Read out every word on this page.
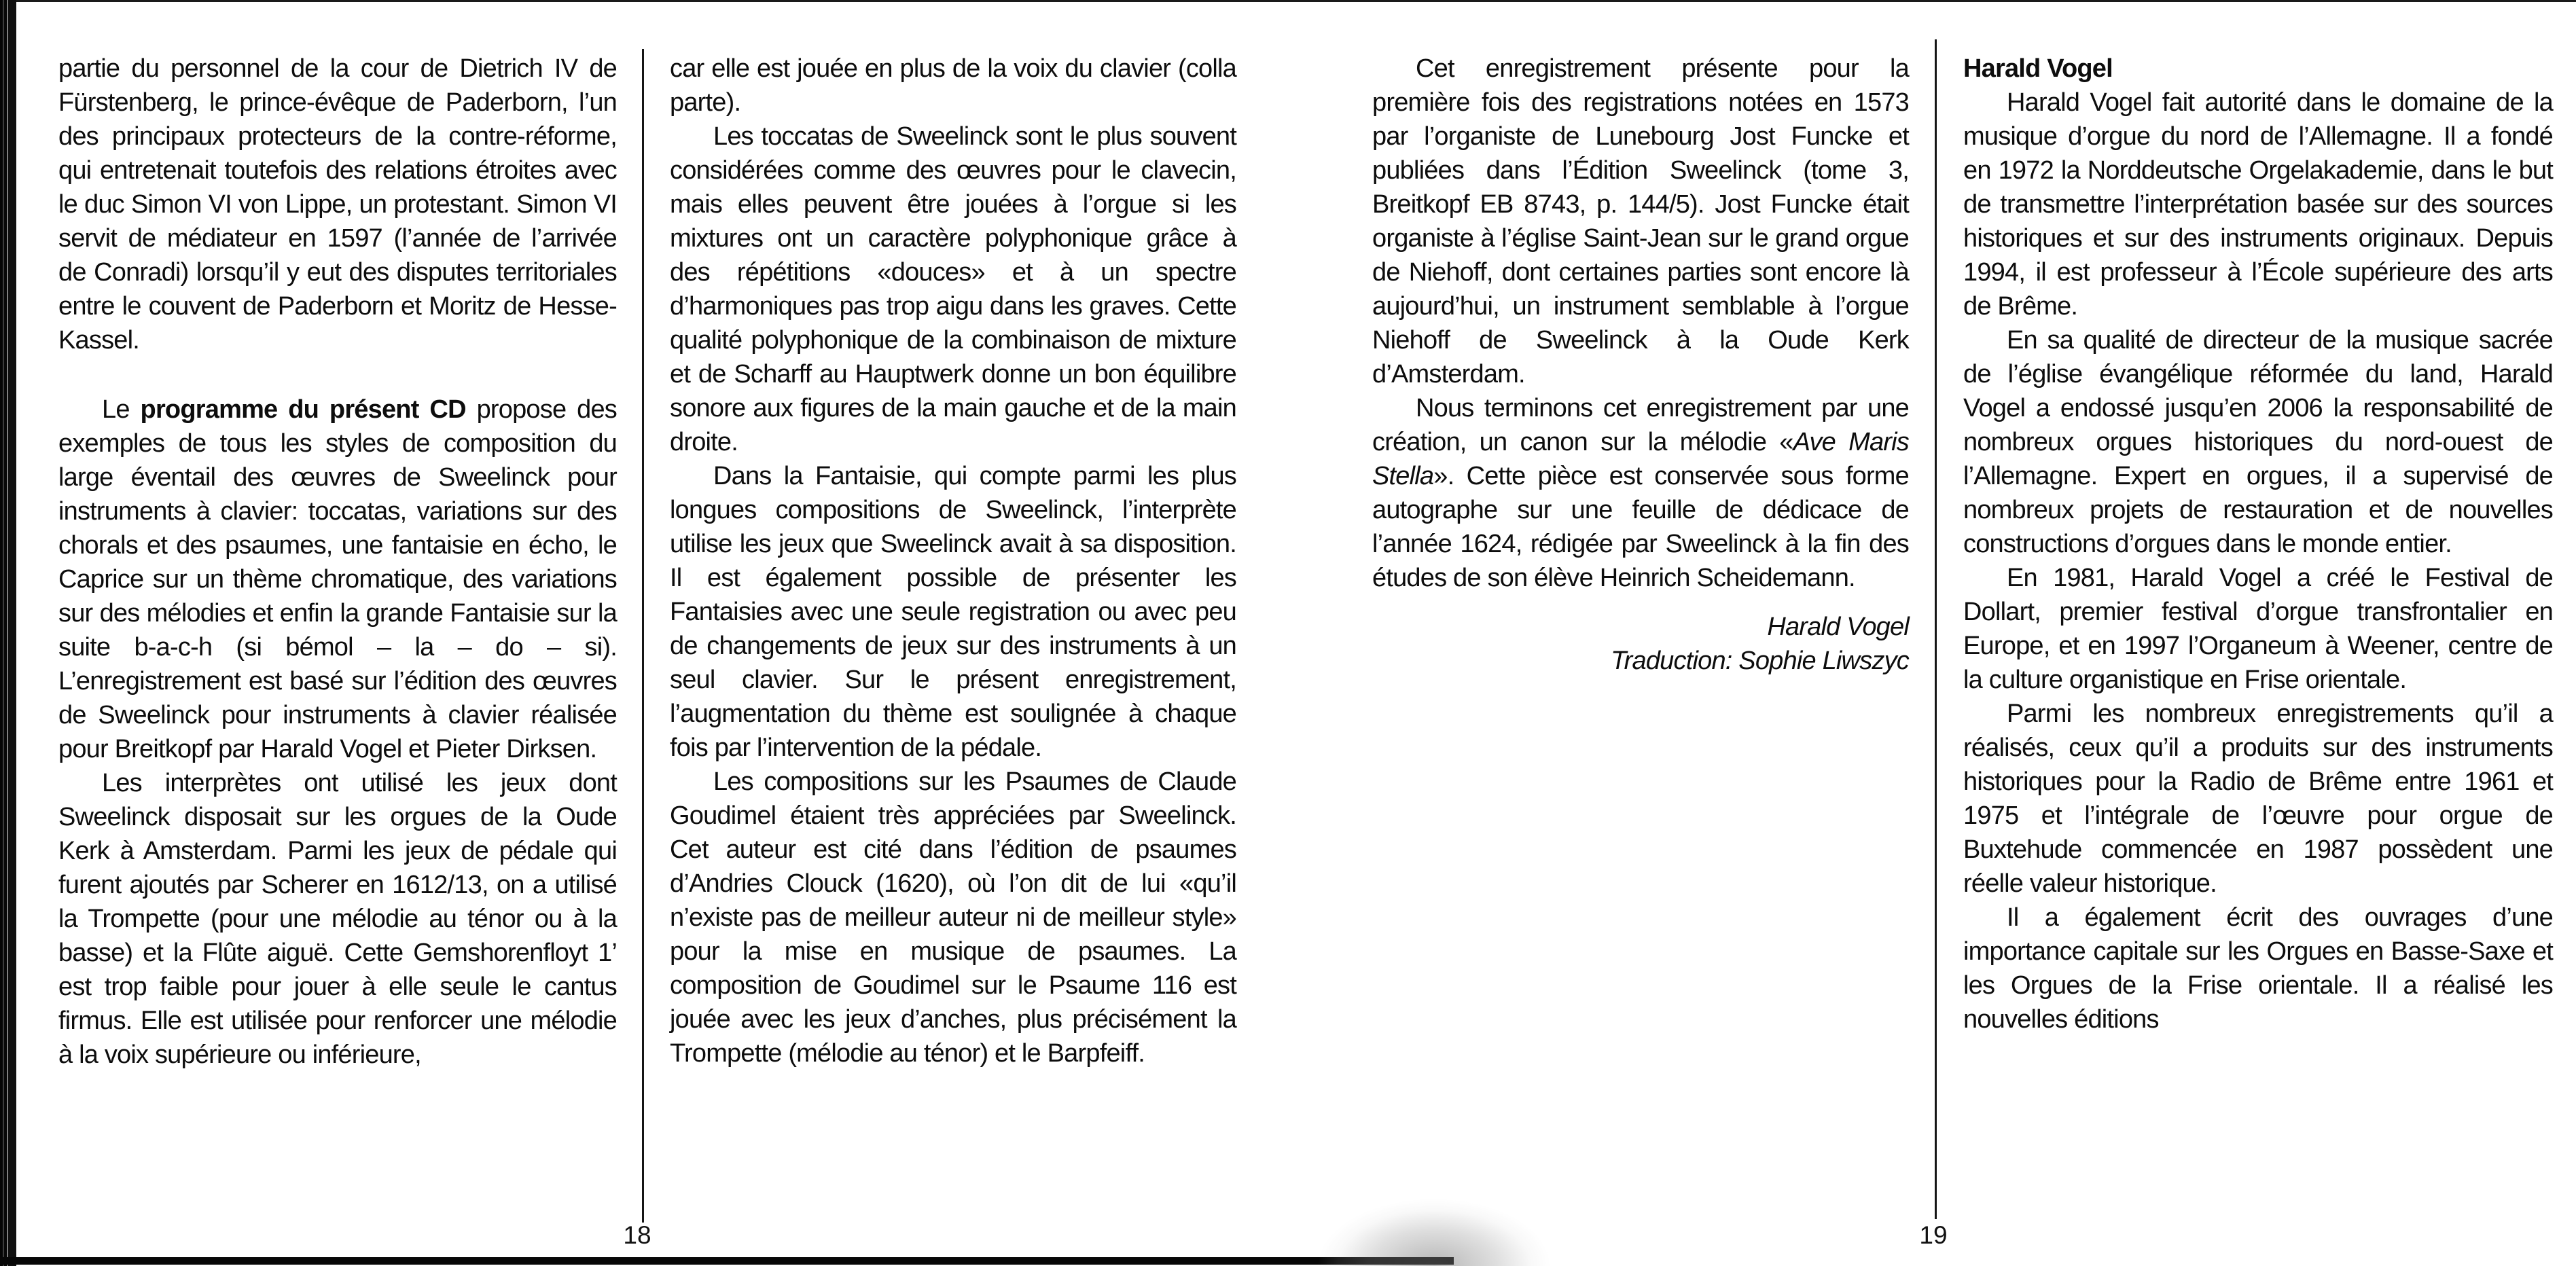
partie du personnel de la cour de Dietrich IV de Fürstenberg, le prince-évêque de Paderborn, l’un des principaux protecteurs de la contre-réforme, qui entretenait toutefois des relations étroites avec le duc Simon VI von Lippe, un protestant. Simon VI servit de médiateur en 1597 (l’année de l’arrivée de Conradi) lorsqu’il y eut des disputes territoriales entre le couvent de Paderborn et Moritz de Hesse-Kassel.

Le programme du présent CD propose des exemples de tous les styles de composition du large éventail des œuvres de Sweelinck pour instruments à clavier: toccatas, variations sur des chorals et des psaumes, une fantaisie en écho, le Caprice sur un thème chromatique, des variations sur des mélodies et enfin la grande Fantaisie sur la suite b-a-c-h (si bémol – la – do – si). L’enregistrement est basé sur l’édition des œuvres de Sweelinck pour instruments à clavier réalisée pour Breitkopf par Harald Vogel et Pieter Dirksen.

Les interprètes ont utilisé les jeux dont Sweelinck disposait sur les orgues de la Oude Kerk à Amsterdam. Parmi les jeux de pédale qui furent ajoutés par Scherer en 1612/13, on a utilisé la Trompette (pour une mélodie au ténor ou à la basse) et la Flûte aiguë. Cette Gemshorenfloyt 1’ est trop faible pour jouer à elle seule le cantus firmus. Elle est utilisée pour renforcer une mélodie à la voix supérieure ou inférieure,

car elle est jouée en plus de la voix du clavier (colla parte).

Les toccatas de Sweelinck sont le plus souvent considérées comme des œuvres pour le clavecin, mais elles peuvent être jouées à l’orgue si les mixtures ont un caractère polyphonique grâce à des répétitions «douces» et à un spectre d’harmoniques pas trop aigu dans les graves. Cette qualité polyphonique de la combinaison de mixture et de Scharff au Hauptwerk donne un bon équilibre sonore aux figures de la main gauche et de la main droite.

Dans la Fantaisie, qui compte parmi les plus longues compositions de Sweelinck, l’interprète utilise les jeux que Sweelinck avait à sa disposition. Il est également possible de présenter les Fantaisies avec une seule registration ou avec peu de changements de jeux sur des instruments à un seul clavier. Sur le présent enregistrement, l’augmentation du thème est soulignée à chaque fois par l’intervention de la pédale.

Les compositions sur les Psaumes de Claude Goudimel étaient très appréciées par Sweelinck. Cet auteur est cité dans l’édition de psaumes d’Andries Clouck (1620), où l’on dit de lui «qu’il n’existe pas de meilleur auteur ni de meilleur style» pour la mise en musique de psaumes. La composition de Goudimel sur le Psaume 116 est jouée avec les jeux d’anches, plus précisément la Trompette (mélodie au ténor) et le Barpfeiff.

18

Cet enregistrement présente pour la première fois des registrations notées en 1573 par l’organiste de Lunebourg Jost Funcke et publiées dans l’Édition Sweelinck (tome 3, Breitkopf EB 8743, p. 144/5). Jost Funcke était organiste à l’église Saint-Jean sur le grand orgue de Niehoff, dont certaines parties sont encore là aujourd’hui, un instrument semblable à l’orgue Niehoff de Sweelinck à la Oude Kerk d’Amsterdam.

Nous terminons cet enregistrement par une création, un canon sur la mélodie «Ave Maris Stella». Cette pièce est conservée sous forme autographe sur une feuille de dédicace de l’année 1624, rédigée par Sweelinck à la fin des études de son élève Heinrich Scheidemann.

Harald Vogel

Traduction: Sophie Liwszyc

Harald Vogel

Harald Vogel fait autorité dans le domaine de la musique d’orgue du nord de l’Allemagne. Il a fondé en 1972 la Norddeutsche Orgelakademie, dans le but de transmettre l’interprétation basée sur des sources historiques et sur des instruments originaux. Depuis 1994, il est professeur à l’École supérieure des arts de Brême.

En sa qualité de directeur de la musique sacrée de l’église évangélique réformée du land, Harald Vogel a endossé jusqu’en 2006 la responsabilité de nombreux orgues historiques du nord-ouest de l’Allemagne. Expert en orgues, il a supervisé de nombreux projets de restauration et de nouvelles constructions d’orgues dans le monde entier.

En 1981, Harald Vogel a créé le Festival de Dollart, premier festival d’orgue transfrontalier en Europe, et en 1997 l’Organeum à Weener, centre de la culture organistique en Frise orientale.

Parmi les nombreux enregistrements qu’il a réalisés, ceux qu’il a produits sur des instruments historiques pour la Radio de Brême entre 1961 et 1975 et l’intégrale de l’œuvre pour orgue de Buxtehude commencée en 1987 possèdent une réelle valeur historique.

Il a également écrit des ouvrages d’une importance capitale sur les Orgues en Basse-Saxe et les Orgues de la Frise orientale. Il a réalisé les nouvelles éditions

19
